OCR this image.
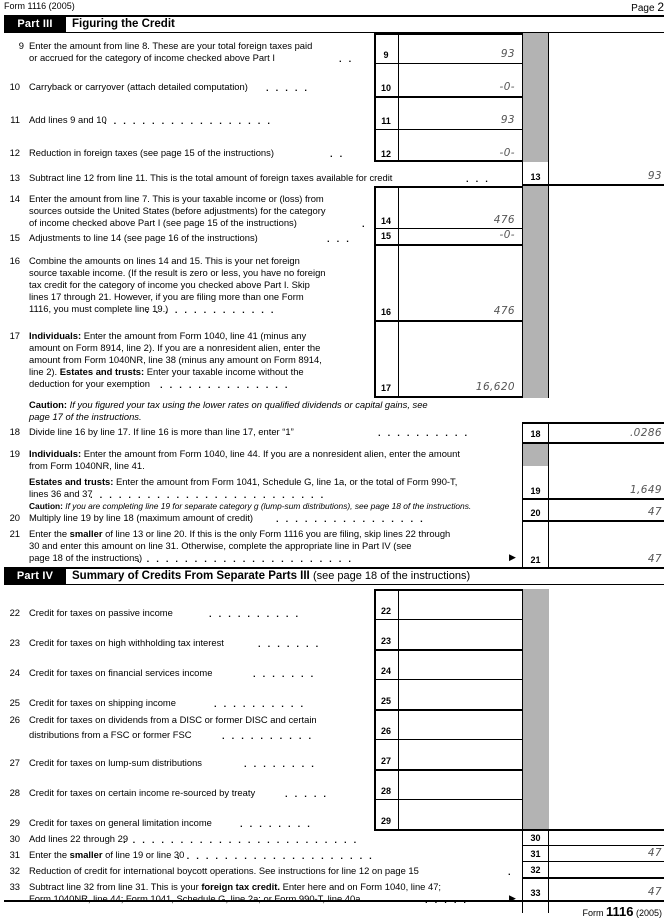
Form 1116 (2005)	Page 2
Part III	Figuring the Credit
9 Enter the amount from line 8. These are your total foreign taxes paid
or accrued for the category of income checked above Part I	. .	9	93
10 Carryback or carryover (attach detailed computation) . . . . .	10	-0-
11 Add lines 9 and 10
. . . . . . . . . . . . . . . . . .	11	93
12 Reduction in foreign taxes (see page 15 of the instructions)	. .	12	-0-
13 Subtract line 12 from line 11. This is the total amount of foreign taxes available for credit	. . .	13	93
14 Enter the amount from line 7. This is your taxable income or (loss) from
sources outside the United States (before adjustments) for the category
of income checked above Part I (see page 15 of the instructions)	.	14	476
15 Adjustments to line 14 (see page 16 of the instructions)	. . .	15	-0-
16 Combine the amounts on lines 14 and 15. This is your net foreign
source taxable income. (If the result is zero or less, you have no foreign
tax credit for the category of income you checked above Part I. Skip
lines 17 through 21. However, if you are filing more than one Form
1116, you must complete line 19.)
. . . . . . . . . . . . . .	16	476
17 Individuals: Enter the amount from Form 1040, line 41 (minus any
amount on Form 8914, line 2). If you are a nonresident alien, enter the
amount from Form 1040NR, line 38 (minus any amount on Form 8914,
line 2). Estates and trusts: Enter your taxable income without the
deduction for your exemption . . . . . . . . . . . . . .	17	16,620
Caution: If you figured your tax using the lower rates on qualified dividends or capital gains, see
page 17 of the instructions.
18 Divide line 16 by line 17. If line 16 is more than line 17, enter “1”	. . . . . . . . . .	18	.0286
19 Individuals: Enter the amount from Form 1040, line 44. If you are a nonresident alien, enter the amount
from Form 1040NR, line 41.
Estates and trusts: Enter the amount from Form 1041, Schedule G, line 1a, or the total of Form 990-T,
lines 36 and 37
. . . . . . . . . . . . . . . . . . . . . . . . .	19	1,649
Caution: If you are completing line 19 for separate category g (lump-sum distributions), see page 18 of the instructions.
20 Multiply line 19 by line 18 (maximum amount of credit) . . . . . . . . . . . . . . . .	20	47
21 Enter the smaller of line 13 or line 20. If this is the only Form 1116 you are filing, skip lines 22 through
30 and enter this amount on line 31. Otherwise, complete the appropriate line in Part IV (see
page 18 of the instructions)
. . . . . . . . . . . . . . . . . . . . . . .	▶	21	47
Part IV	Summary of Credits From Separate Parts III (see page 18 of the instructions)
22 Credit for taxes on passive income	. . . . . . . . . .	22
23 Credit for taxes on high withholding tax interest	. . . . . . .	23
24 Credit for taxes on financial services income	. . . . . . .	24
25 Credit for taxes on shipping income	. . . . . . . . . .	25
26 Credit for taxes on dividends from a DISC or former DISC and certain
distributions from a FSC or former FSC	. . . . . . . . . .	26
27 Credit for taxes on lump-sum distributions	. . . . . . . .	27
28 Credit for taxes on certain income re-sourced by treaty	. . . . .	28
29 Credit for taxes on general limitation income	. . . . . . . .	29
30 Add lines 22 through 29
. . . . . . . . . . . . . . . . . . . . . . . . .	30
31 Enter the smaller of line 19 or line 30
. . . . . . . . . . . . . . . . . . . . .	31	47
32 Reduction of credit for international boycott operations. See instructions for line 12 on page 15	.	32
33 Subtract line 32 from line 31. This is your foreign tax credit. Enter here and on Form 1040, line 47;
Form 1040NR, line 44; Form 1041, Schedule G, line 2a; or Form 990-T, line 40a	. . . . .	▶	33	47
Form 1116 (2005)
